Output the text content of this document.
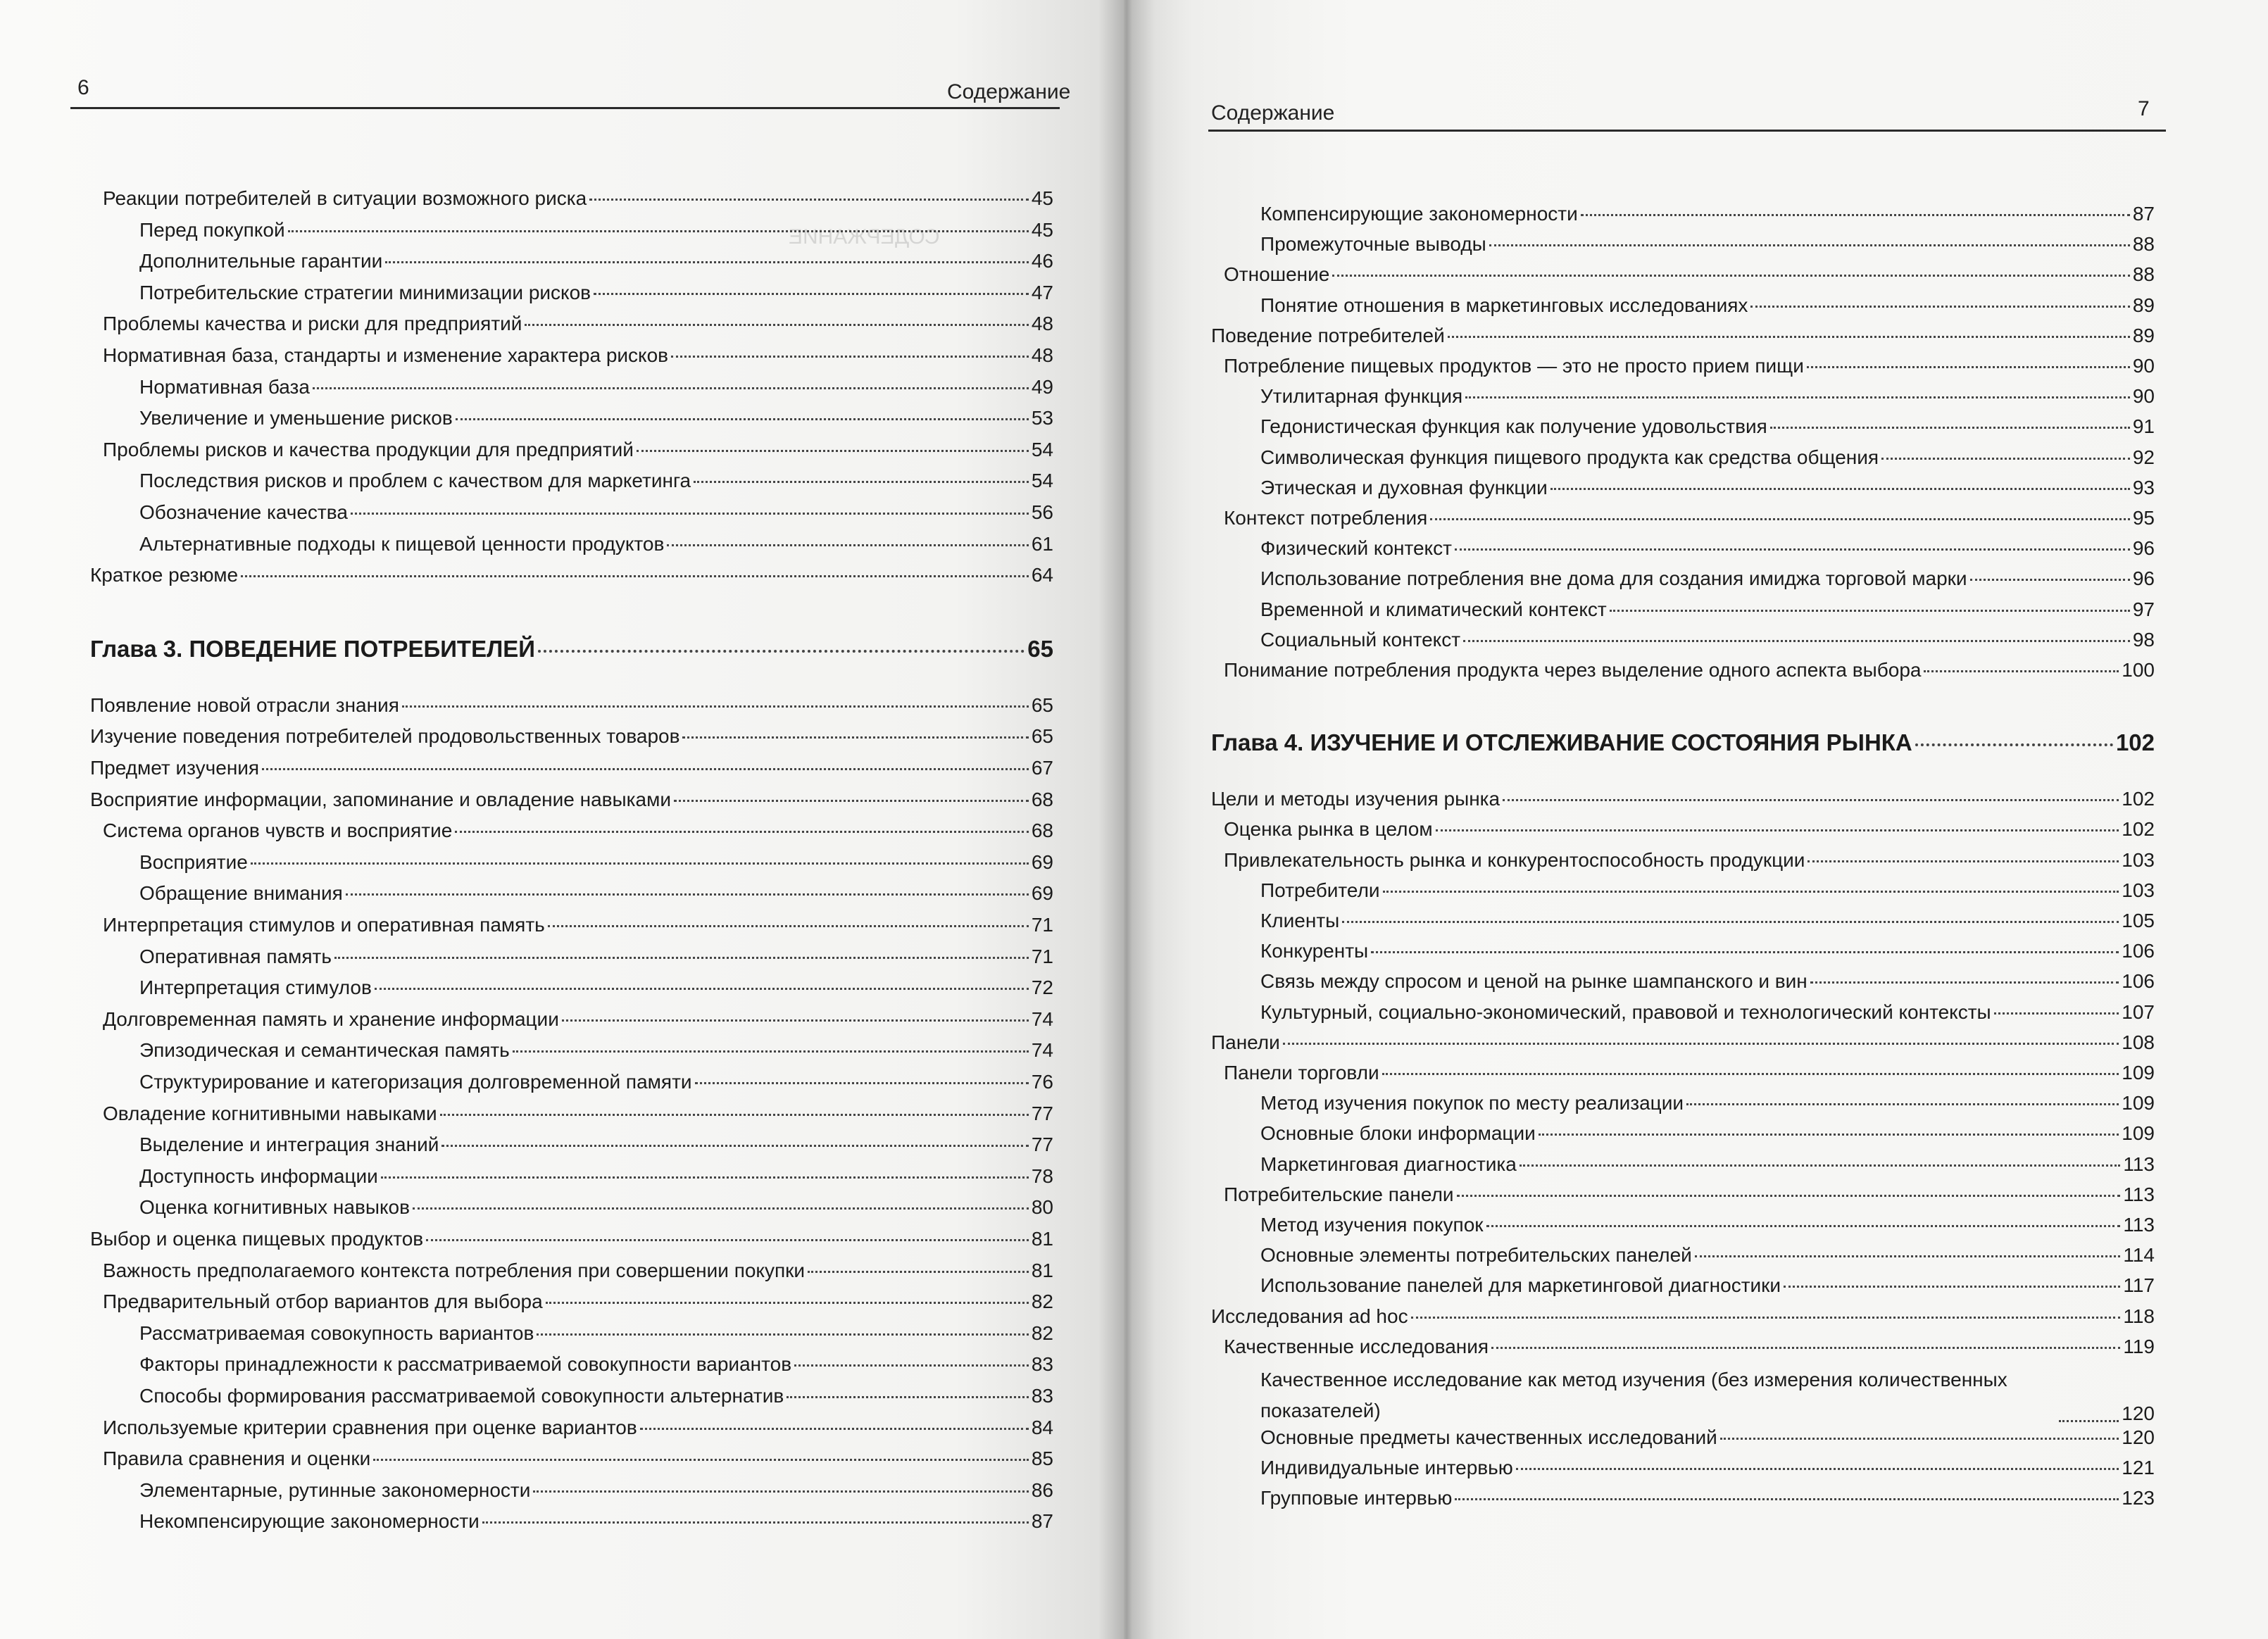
6	Содержание
СОДЕРЖАНИЕ
Реакции потребителей в ситуации возможного риска	45
Перед покупкой	45
Дополнительные гарантии	46
Потребительские стратегии минимизации рисков	47
Проблемы качества и риски для предприятий	48
Нормативная база, стандарты и изменение характера рисков	48
Нормативная база	49
Увеличение и уменьшение рисков	53
Проблемы рисков и качества продукции для предприятий	54
Последствия рисков и проблем с качеством для маркетинга	54
Обозначение качества	56
Альтернативные подходы к пищевой ценности продуктов	61
Краткое резюме	64
Глава 3. ПОВЕДЕНИЕ ПОТРЕБИТЕЛЕЙ	65
Появление новой отрасли знания	65
Изучение поведения потребителей продовольственных товаров	65
Предмет изучения	67
Восприятие информации, запоминание и овладение навыками	68
Система органов чувств и восприятие	68
Восприятие	69
Обращение внимания	69
Интерпретация стимулов и оперативная память	71
Оперативная память	71
Интерпретация стимулов	72
Долговременная память и хранение информации	74
Эпизодическая и семантическая память	74
Структурирование и категоризация долговременной памяти	76
Овладение когнитивными навыками	77
Выделение и интеграция знаний	77
Доступность информации	78
Оценка когнитивных навыков	80
Выбор и оценка пищевых продуктов	81
Важность предполагаемого контекста потребления при совершении покупки	81
Предварительный отбор вариантов для выбора	82
Рассматриваемая совокупность вариантов	82
Факторы принадлежности к рассматриваемой совокупности вариантов	83
Способы формирования рассматриваемой совокупности альтернатив	83
Используемые критерии сравнения при оценке вариантов	84
Правила сравнения и оценки	85
Элементарные, рутинные закономерности	86
Некомпенсирующие закономерности	87
Содержание	7
Компенсирующие закономерности	87
Промежуточные выводы	88
Отношение	88
Понятие отношения в маркетинговых исследованиях	89
Поведение потребителей	89
Потребление пищевых продуктов — это не просто прием пищи	90
Утилитарная функция	90
Гедонистическая функция как получение удовольствия	91
Символическая функция пищевого продукта как средства общения	92
Этическая и духовная функции	93
Контекст потребления	95
Физический контекст	96
Использование потребления вне дома для создания имиджа торговой марки	96
Временной и климатический контекст	97
Социальный контекст	98
Понимание потребления продукта через выделение одного аспекта выбора	100
Глава 4. ИЗУЧЕНИЕ И ОТСЛЕЖИВАНИЕ СОСТОЯНИЯ РЫНКА	102
Цели и методы изучения рынка	102
Оценка рынка в целом	102
Привлекательность рынка и конкурентоспособность продукции	103
Потребители	103
Клиенты	105
Конкуренты	106
Связь между спросом и ценой на рынке шампанского и вин	106
Культурный, социально-экономический, правовой и технологический контексты	107
Панели	108
Панели торговли	109
Метод изучения покупок по месту реализации	109
Основные блоки информации	109
Маркетинговая диагностика	113
Потребительские панели	113
Метод изучения покупок	113
Основные элементы потребительских панелей	114
Использование панелей для маркетинговой диагностики	117
Исследования ad hoc	118
Качественные исследования	119
Качественное исследование как метод изучения (без измерения количественных показателей)	120
Основные предметы качественных исследований	120
Индивидуальные интервью	121
Групповые интервью	123
